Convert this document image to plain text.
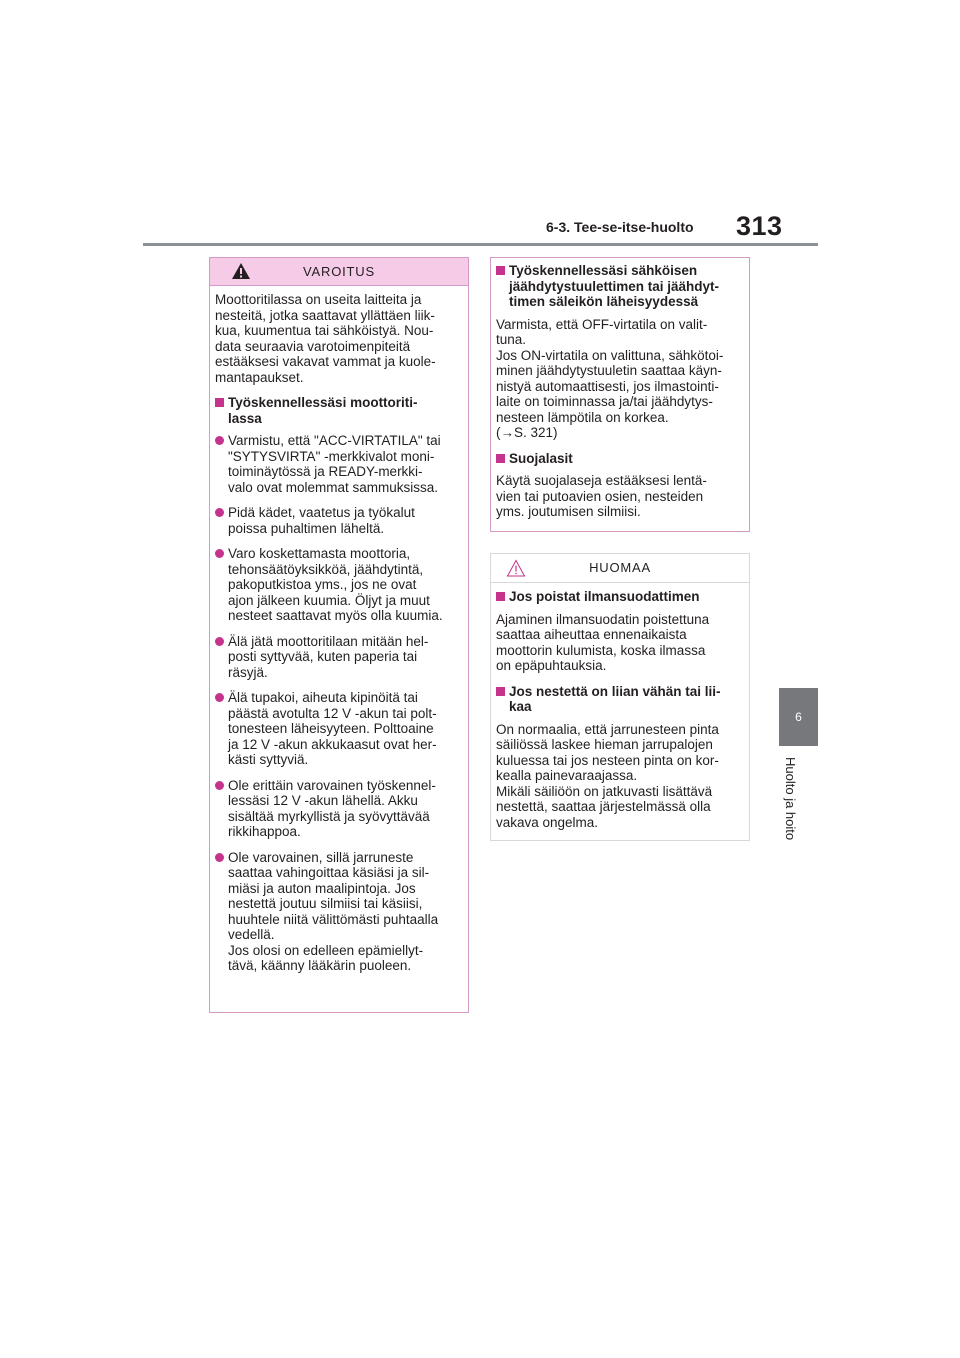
6-3. Tee-se-itse-huolto 313
6
Huolto ja hoito
VAROITUS
Moottoritilassa on useita laitteita ja
nesteitä, jotka saattavat yllättäen liik-
kua, kuumentua tai sähköistyä. Nou-
data seuraavia varotoimenpiteitä
estääksesi vakavat vammat ja kuole-
mantapaukset.
Työskennellessäsi moottoriti-
lassa
Varmistu, että "ACC-VIRTATILA" tai
"SYTYSVIRTA" -merkkivalot moni-
toiminäytössä ja READY-merkki-
valo ovat molemmat sammuksissa.
Pidä kädet, vaatetus ja työkalut
poissa puhaltimen läheltä.
Varo koskettamasta moottoria,
tehonsäätöyksikköä, jäähdytintä,
pakoputkistoa yms., jos ne ovat
ajon jälkeen kuumia. Öljyt ja muut
nesteet saattavat myös olla kuumia.
Älä jätä moottoritilaan mitään hel-
posti syttyvää, kuten paperia tai
räsyjä.
Älä tupakoi, aiheuta kipinöitä tai
päästä avotulta 12 V -akun tai polt-
tonesteen läheisyyteen. Polttoaine
ja 12 V -akun akkukaasut ovat her-
kästi syttyviä.
Ole erittäin varovainen työskennel-
lessäsi 12 V -akun lähellä. Akku
sisältää myrkyllistä ja syövyttävää
rikkihappoa.
Ole varovainen, sillä jarruneste
saattaa vahingoittaa käsiäsi ja sil-
miäsi ja auton maalipintoja. Jos
nestettä joutuu silmiisi tai käsiisi,
huuhtele niitä välittömästi puhtaalla
vedellä.
Jos olosi on edelleen epämiellyt-
tävä, käänny lääkärin puoleen.
Työskennellessäsi sähköisen
jäähdytystuulettimen tai jäähdyt-
timen säleikön läheisyydessä
Varmista, että OFF-virtatila on valit-
tuna.
Jos ON-virtatila on valittuna, sähkötoi-
minen jäähdytystuuletin saattaa käyn-
nistyä automaattisesti, jos ilmastointi-
laite on toiminnassa ja/tai jäähdytys-
nesteen lämpötila on korkea.
(→S. 321)
Suojalasit
Käytä suojalaseja estääksesi lentä-
vien tai putoavien osien, nesteiden
yms. joutumisen silmiisi.
HUOMAA
Jos poistat ilmansuodattimen
Ajaminen ilmansuodatin poistettuna
saattaa aiheuttaa ennenaikaista
moottorin kulumista, koska ilmassa
on epäpuhtauksia.
Jos nestettä on liian vähän tai lii-
kaa
On normaalia, että jarrunesteen pinta
säiliössä laskee hieman jarrupalojen
kuluessa tai jos nesteen pinta on kor-
kealla painevaraajassa.
Mikäli säiliöön on jatkuvasti lisättävä
nestettä, saattaa järjestelmässä olla
vakava ongelma.
